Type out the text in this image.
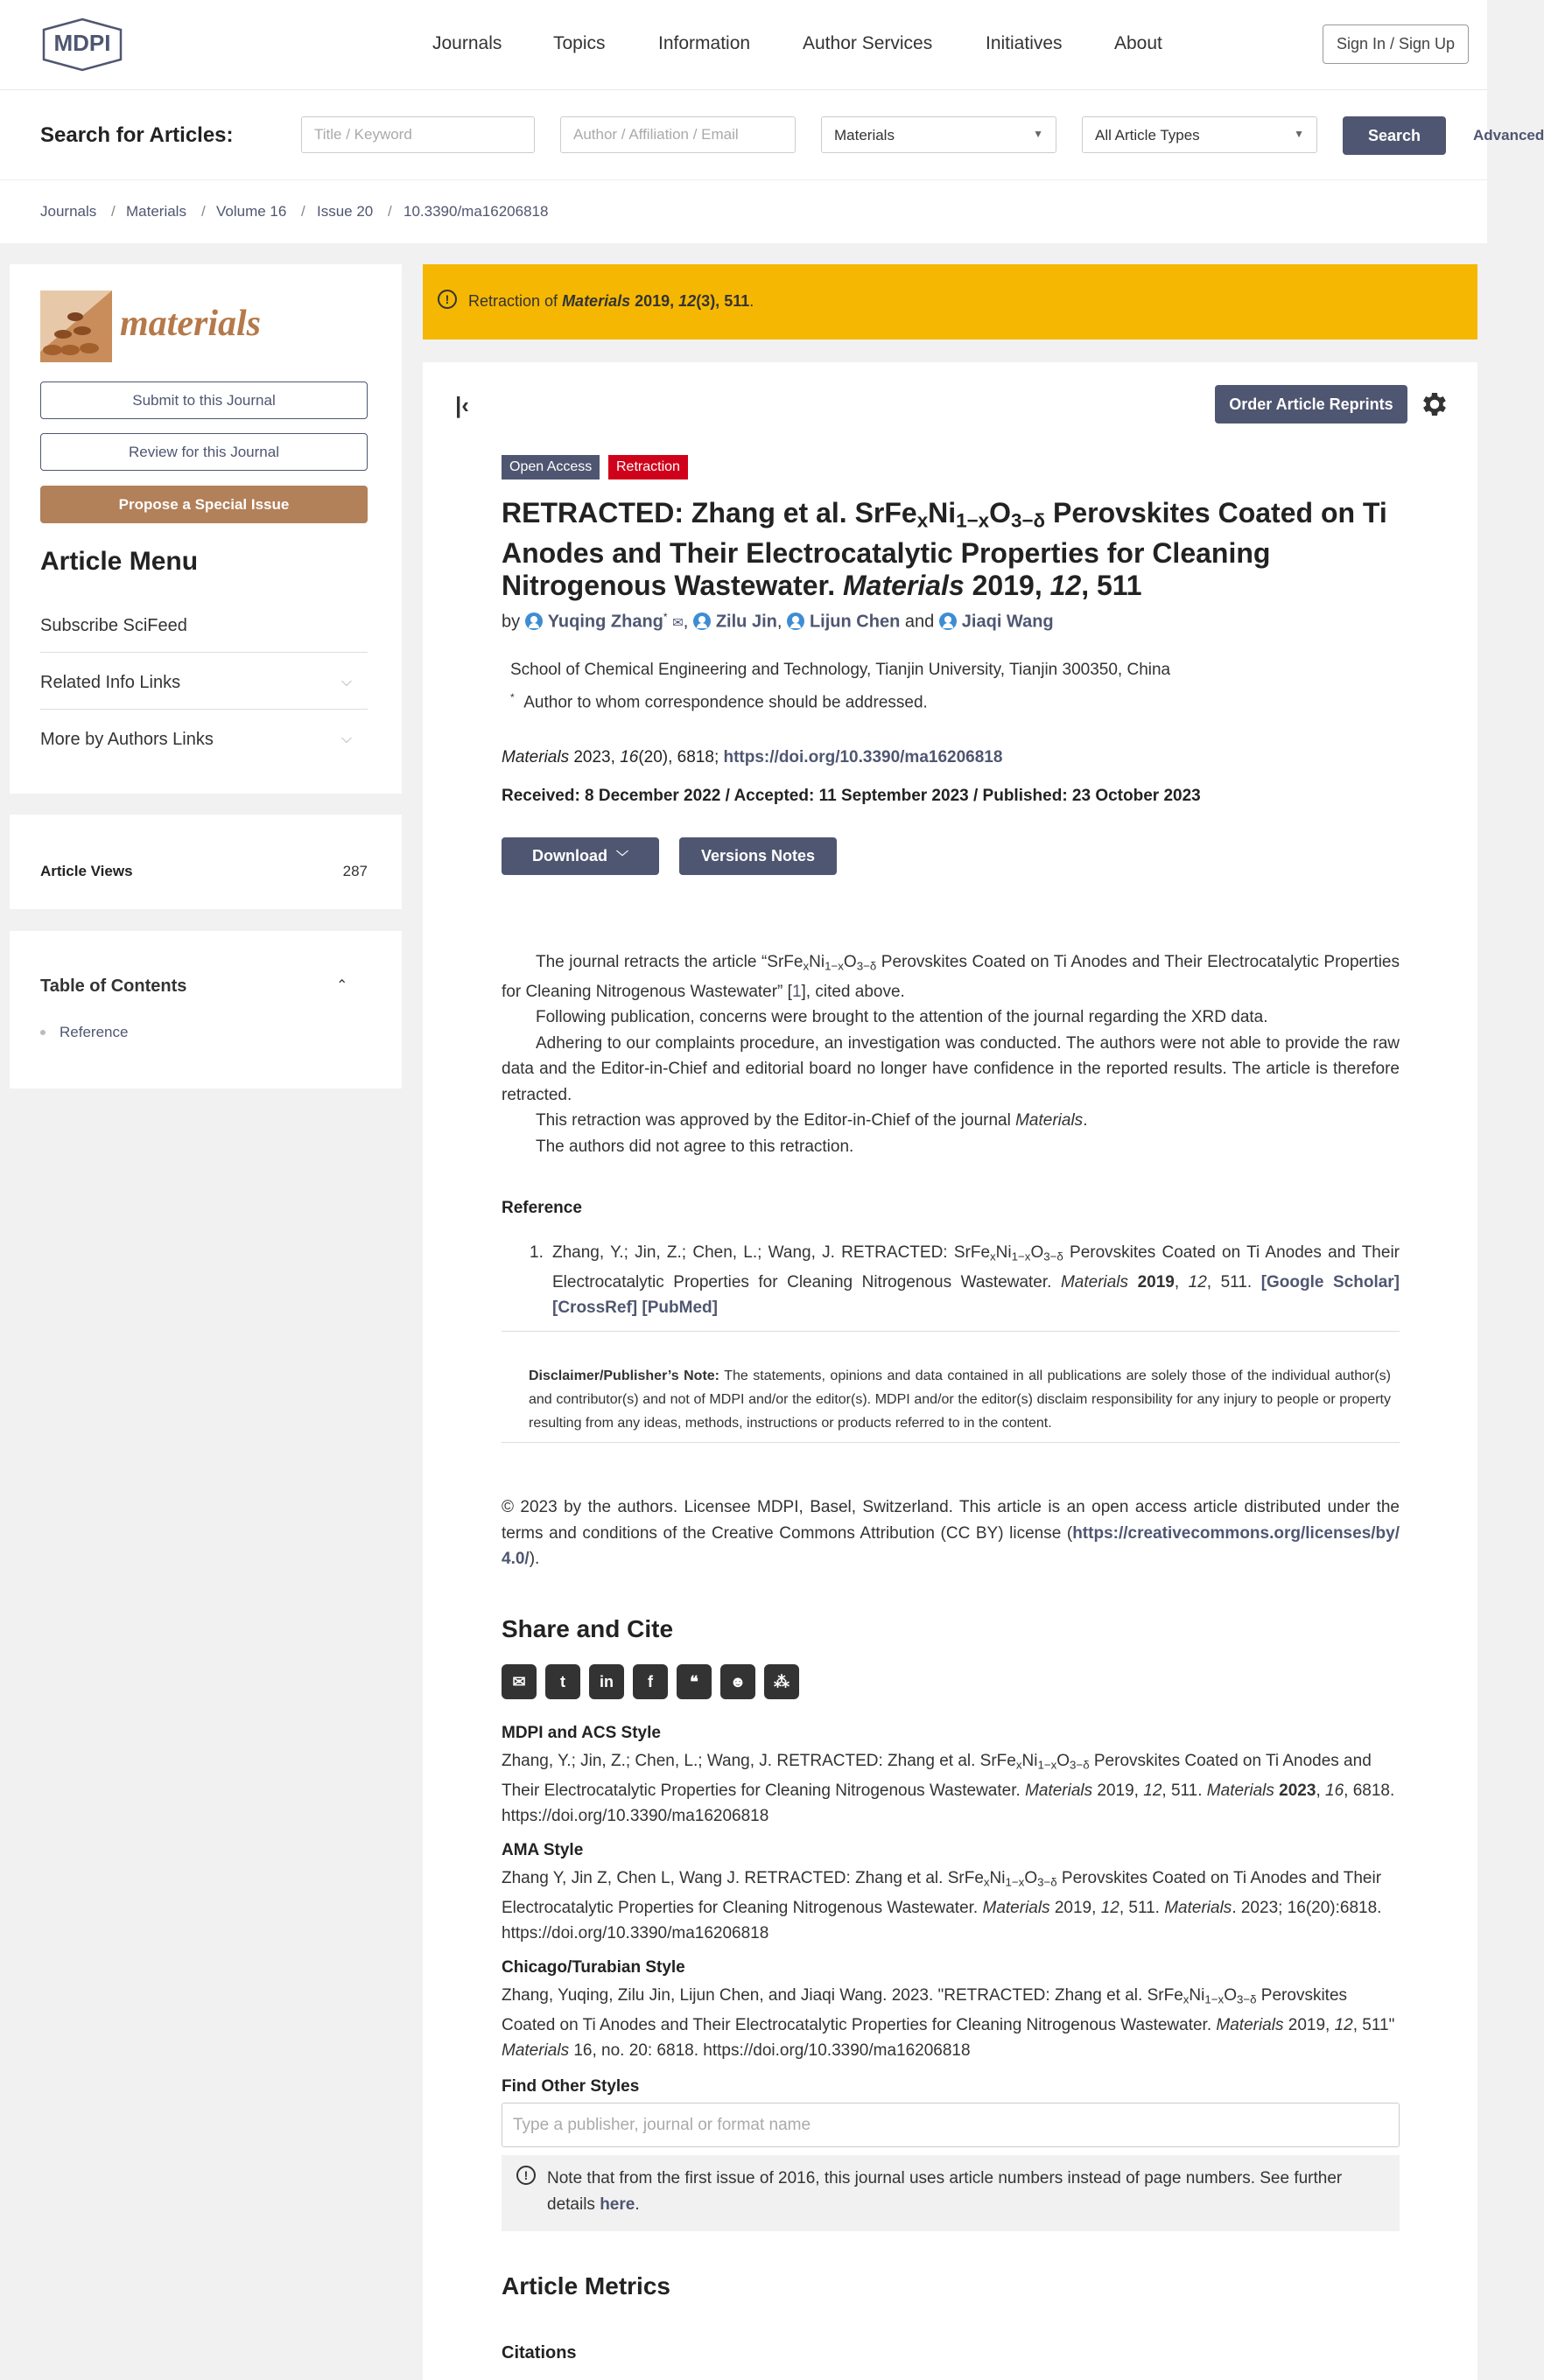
MDPI	Journals	Topics	Information	Author Services	Initiatives	About	Sign In / Sign Up
Search for Articles:	Title / Keyword	Author / Affiliation / Email	Materials	▼	All Article Types	▼	Search	Advanced
Journals / Materials / Volume 16 / Issue 20 / 10.3390/ma16206818
materials
Submit to this Journal
Review for this Journal
Propose a Special Issue
Article Menu
Subscribe SciFeed
Related Info Links	⌵
More by Authors Links	⌵
Article Views	287
Table of Contents	⌃
Reference
!	Retraction of Materials 2019, 12(3), 511.
|‹	Order Article Reprints
Open Access	Retraction
RETRACTED: Zhang et al. $SrFe_xNi_{1-x}O_{3-\delta}$ Perovskites Coated on Ti Anodes and Their Electrocatalytic Properties for Cleaning Nitrogenous Wastewater. Materials 2019, 12, 511
by Yuqing Zhang* ✉, Zilu Jin, Lijun Chen and Jiaqi Wang
School of Chemical Engineering and Technology, Tianjin University, Tianjin 300350, China
* Author to whom correspondence should be addressed.
Materials 2023, 16(20), 6818; https://doi.org/10.3390/ma16206818
Received: 8 December 2022 / Accepted: 11 September 2023 / Published: 23 October 2023
Download
﹀	Versions Notes

The journal retracts the article “$SrFe_xNi_{1-x}O_{3-\delta}$ Perovskites Coated on Ti Anodes and Their Electrocatalytic Properties for Cleaning Nitrogenous Wastewater” [1], cited above.

Following publication, concerns were brought to the attention of the journal regarding the XRD data.

Adhering to our complaints procedure, an investigation was conducted. The authors were not able to provide the raw data and the Editor-in-Chief and editorial board no longer have confidence in the reported results. The article is therefore retracted.

This retraction was approved by the Editor-in-Chief of the journal Materials.

The authors did not agree to this retraction.

Reference
1. Zhang, Y.; Jin, Z.; Chen, L.; Wang, J. RETRACTED: $SrFe_xNi_{1-x}O_{3-\delta}$ Perovskites Coated on Ti Anodes and Their Electrocatalytic Properties for Cleaning Nitrogenous Wastewater. Materials 2019, 12, 511. [Google Scholar] [CrossRef] [PubMed]
Disclaimer/Publisher’s Note: The statements, opinions and data contained in all publications are solely those of the individual author(s) and contributor(s) and not of MDPI and/or the editor(s). MDPI and/or the editor(s) disclaim responsibility for any injury to people or property resulting from any ideas, methods, instructions or products referred to in the content.
© 2023 by the authors. Licensee MDPI, Basel, Switzerland. This article is an open access article distributed under the terms and conditions of the Creative Commons Attribution (CC BY) license (https://creativecommons.org/licenses/by/4.0/).
Share and Cite
✉	t	in	f	❝	☻	⁂
MDPI and ACS Style
Zhang, Y.; Jin, Z.; Chen, L.; Wang, J. RETRACTED: Zhang et al. $SrFe_xNi_{1-x}O_{3-\delta}$ Perovskites Coated on Ti Anodes and Their Electrocatalytic Properties for Cleaning Nitrogenous Wastewater. Materials 2019, 12, 511. Materials 2023, 16, 6818. https://doi.org/10.3390/ma16206818
AMA Style
Zhang Y, Jin Z, Chen L, Wang J. RETRACTED: Zhang et al. $SrFe_xNi_{1-x}O_{3-\delta}$ Perovskites Coated on Ti Anodes and Their Electrocatalytic Properties for Cleaning Nitrogenous Wastewater. Materials 2019, 12, 511. Materials. 2023; 16(20):6818. https://doi.org/10.3390/ma16206818
Chicago/Turabian Style
Zhang, Yuqing, Zilu Jin, Lijun Chen, and Jiaqi Wang. 2023. "RETRACTED: Zhang et al. $SrFe_xNi_{1-x}O_{3-\delta}$ Perovskites Coated on Ti Anodes and Their Electrocatalytic Properties for Cleaning Nitrogenous Wastewater. Materials 2019, 12, 511" Materials 16, no. 20: 6818. https://doi.org/10.3390/ma16206818
Find Other Styles
Type a publisher, journal or format name
!	Note that from the first issue of 2016, this journal uses article numbers instead of page numbers. See further details here.
Article Metrics
Citations
